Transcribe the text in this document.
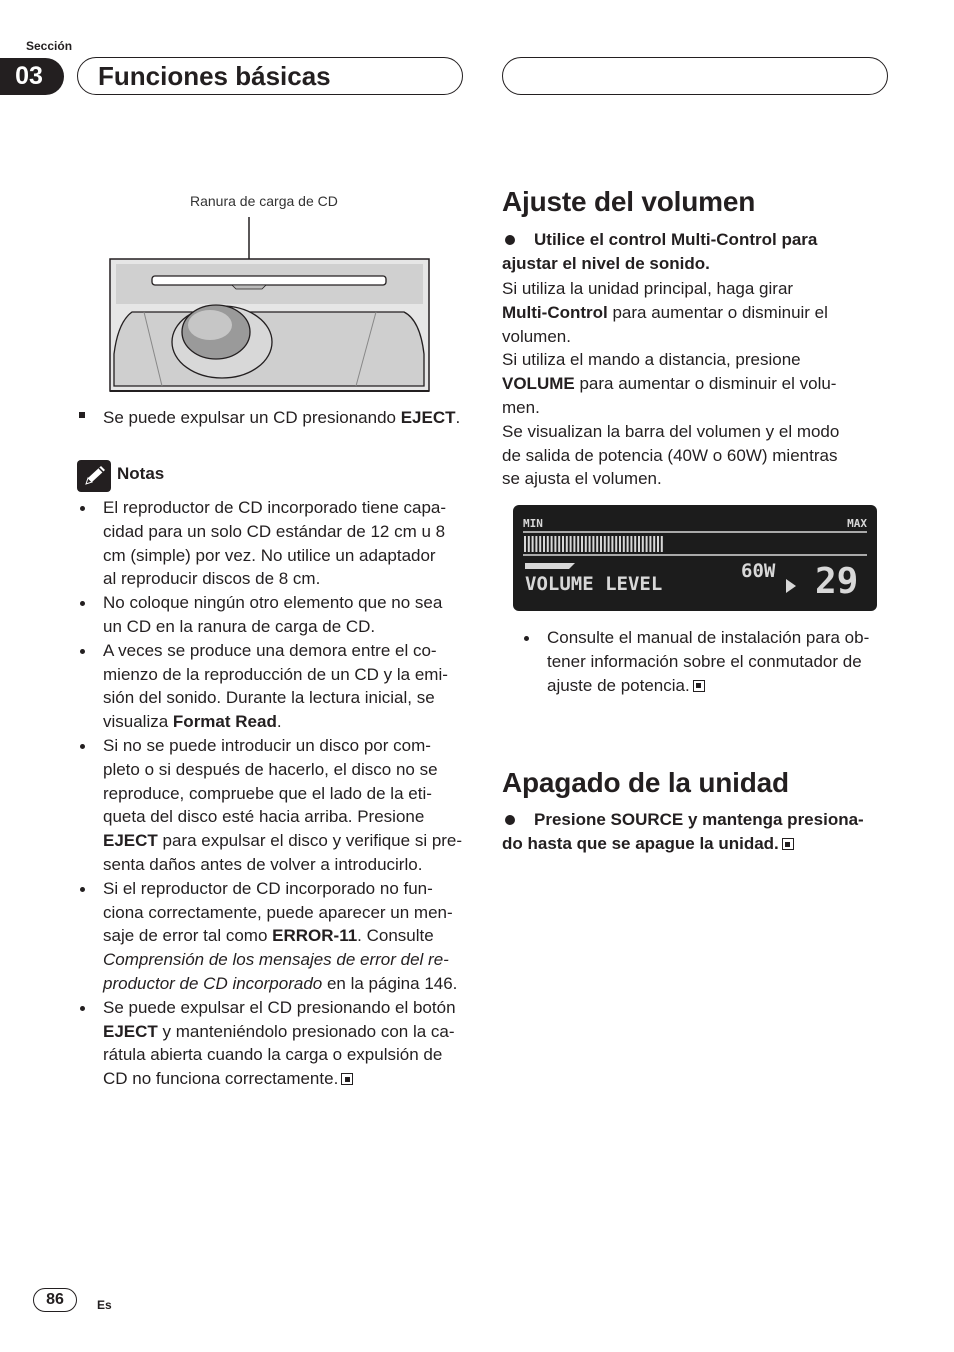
Sección
03	Funciones básicas
Ranura de carga de CD
Se puede expulsar un CD presionando EJECT.
Notas
El reproductor de CD incorporado tiene capa-
cidad para un solo CD estándar de 12 cm u 8
cm (simple) por vez. No utilice un adaptador
al reproducir discos de 8 cm.
No coloque ningún otro elemento que no sea
un CD en la ranura de carga de CD.
A veces se produce una demora entre el co-
mienzo de la reproducción de un CD y la emi-
sión del sonido. Durante la lectura inicial, se
visualiza Format Read.
Si no se puede introducir un disco por com-
pleto o si después de hacerlo, el disco no se
reproduce, compruebe que el lado de la eti-
queta del disco esté hacia arriba. Presione
EJECT para expulsar el disco y verifique si pre-
senta daños antes de volver a introducirlo.
Si el reproductor de CD incorporado no fun-
ciona correctamente, puede aparecer un men-
saje de error tal como ERROR-11. Consulte
Comprensión de los mensajes de error del re-
productor de CD incorporado en la página 146.
Se puede expulsar el CD presionando el botón
EJECT y manteniéndolo presionado con la ca-
rátula abierta cuando la carga o expulsión de
CD no funciona correctamente.
Ajuste del volumen
Utilice el control Multi-Control para
ajustar el nivel de sonido.
Si utiliza la unidad principal, haga girar
Multi-Control para aumentar o disminuir el
volumen.
Si utiliza el mando a distancia, presione
VOLUME para aumentar o disminuir el volu-
men.
Se visualizan la barra del volumen y el modo
de salida de potencia (40W o 60W) mientras
se ajusta el volumen.
MIN	MAX
VOLUME LEVEL
60W 29
Consulte el manual de instalación para ob-
tener información sobre el conmutador de
ajuste de potencia.
Apagado de la unidad
Presione SOURCE y mantenga presiona-
do hasta que se apague la unidad.
86	Es
